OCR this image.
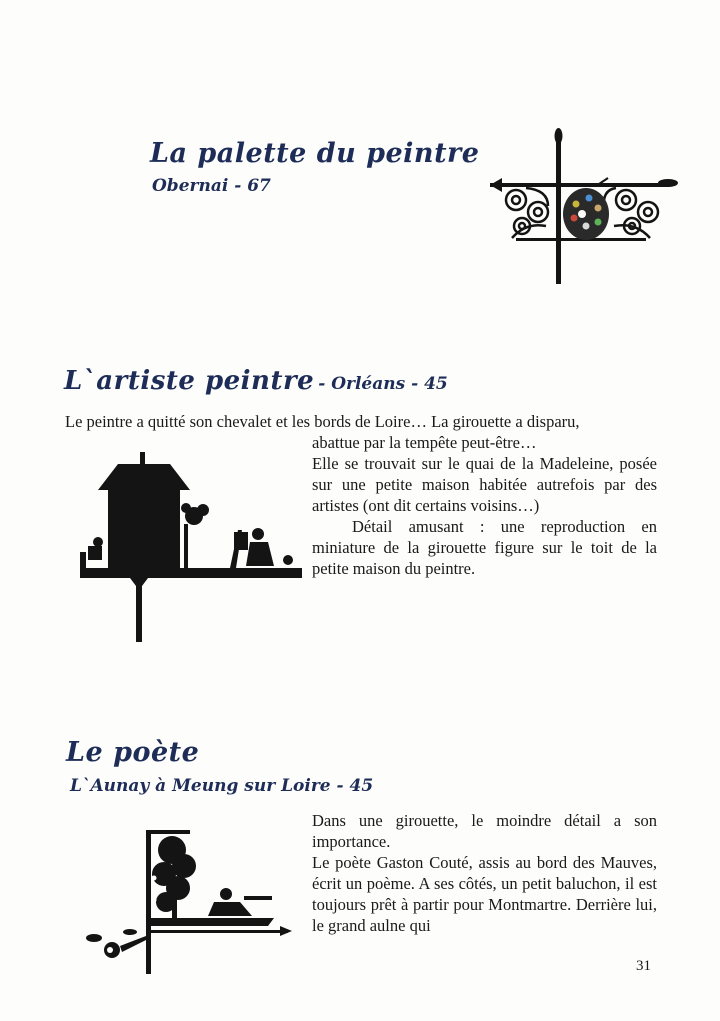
La palette du peintre
Obernai - 67
L`artiste peintre - Orléans - 45
Le peintre a quitté son chevalet et les bords de Loire… La girouette a disparu,
abattue par la tempête peut-être…

Elle se trouvait sur le quai de la Madeleine, posée sur une petite maison habitée autrefois par des artistes (ont dit certains voisins…)

Détail amusant : une reproduction en miniature de la girouette figure sur le toit de la petite maison du peintre.

Le poète
L`Aunay à Meung sur Loire - 45

Dans une girouette, le moindre détail a son importance.

Le poète Gaston Couté, assis au bord des Mauves, écrit un poème. A ses côtés, un petit baluchon, il est toujours prêt à partir pour Montmartre. Derrière lui, le grand aulne qui

31
